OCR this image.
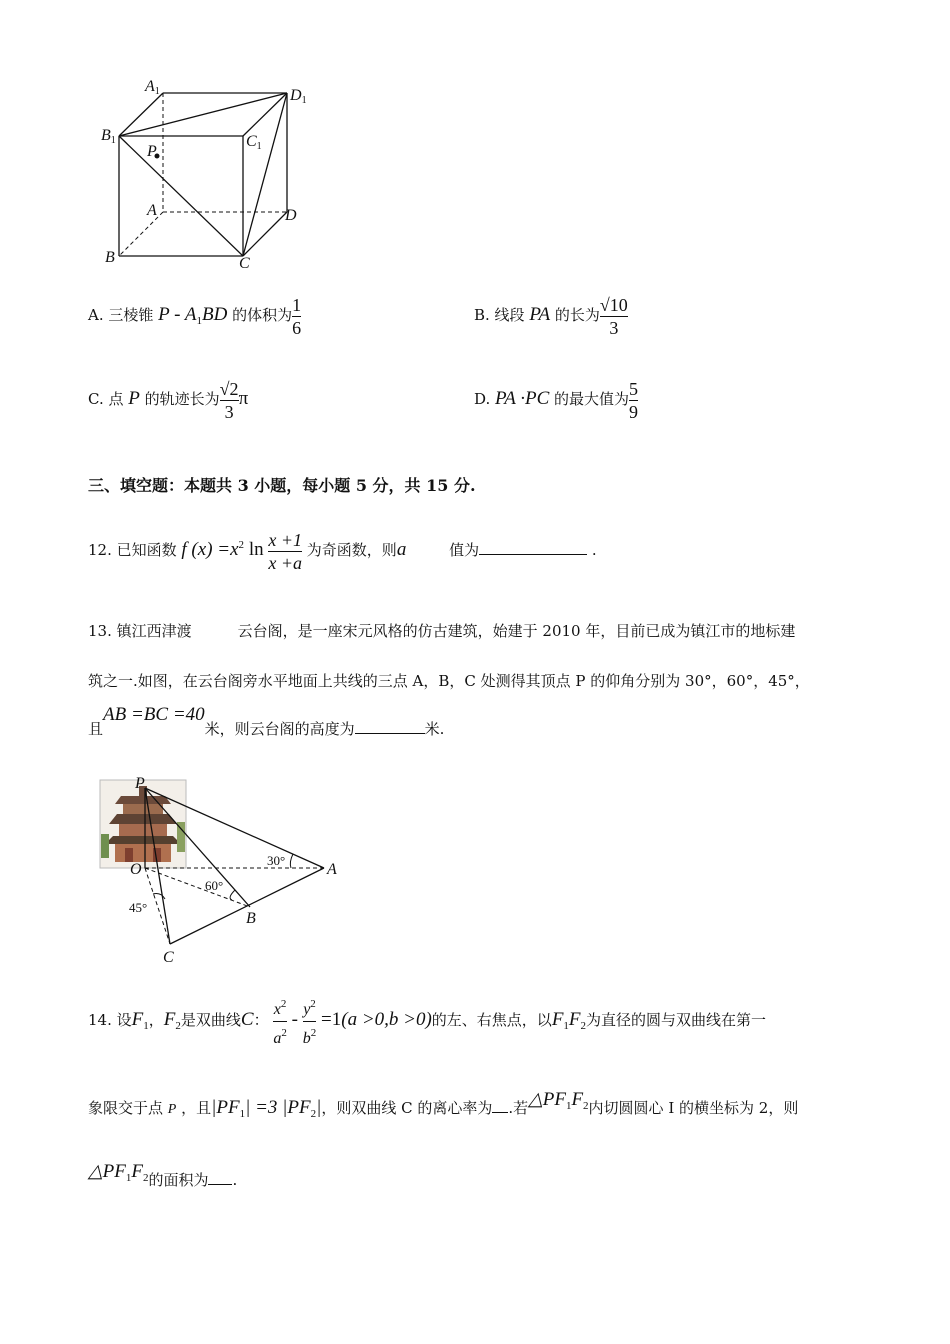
A1	D1
B1	C1
P
A	D
B	C
A. 三棱锥 P - $A_1BD$ 的体积为 $\frac{1}{6}$	B. 线段 PA 的长为 $\frac{√10}{3}$
C. 点 P 的轨迹长为 $\frac{√2}{3}$ π	D. PA ·PC 的最大值为 $\frac{5}{9}$
三、填空题：本题共 3 小题，每小题 5 分，共 15 分.
12. 已知函数 f $(x) =x^2$ $\ln \frac{x +1}{x +a}$ 为奇函数，则a	值为	.
13. 镇江西津渡	云台阁，是一座宋元风格的仿古建筑，始建于 2010 年，目前已成为镇江市的地标建
筑之一.如图，在云台阁旁水平地面上共线的三点 A，B，C 处测得其顶点 P 的仰角分别为 30°，60°，45°，
且AB =BC =40米，则云台阁的高度为	米.
P
O	A
B
C
30°
60°
45°
14. 设$F_1$，$F_2$是双曲线C： $\frac{x^2}{a^2} - \frac{y^2}{b^2} =1(a >0,b >0)$的左、右焦点，以$F_1F_2$为直径的圆与双曲线在第一
象限交于点 P ，且$|PF_1| =3$ $|PF_2|$，则双曲线 C 的离心率为 .若$\triangle PF_1F_2$内切圆圆心 I 的横坐标为 2，则
$\triangle PF_1F_2$的面积为 .
